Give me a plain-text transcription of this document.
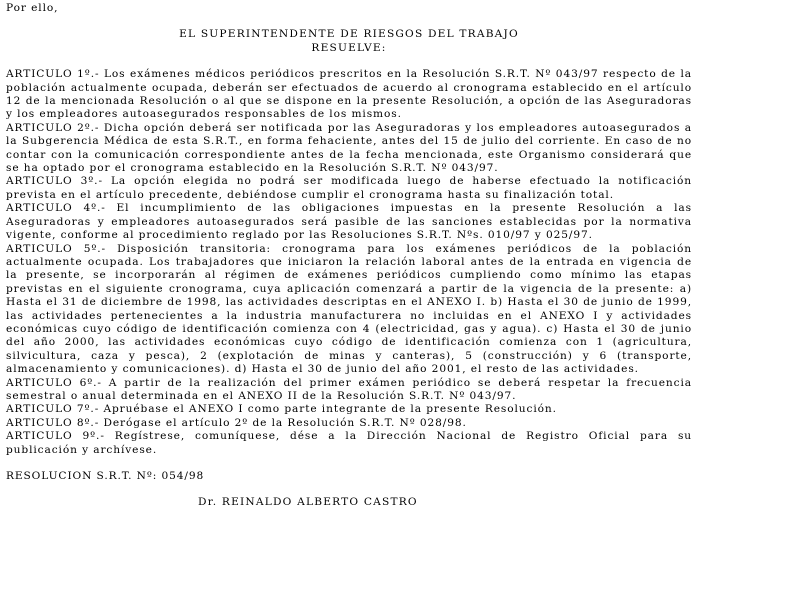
Por ello,

EL SUPERINTENDENTE DE RIESGOS DEL TRABAJO
RESUELVE:

ARTICULO 1º.- Los exámenes médicos periódicos prescritos en la Resolución S.R.T. Nº 043/97 respecto de la población actualmente ocupada, deberán ser efectuados de acuerdo al cronograma establecido en el artículo 12 de la mencionada Resolución o al que se dispone en la presente Resolución, a opción de las Aseguradoras y los empleadores autoasegurados responsables de los mismos.

ARTICULO 2º.- Dicha opción deberá ser notificada por las Aseguradoras y los empleadores autoasegurados a la Subgerencia Médica de esta S.R.T., en forma fehaciente, antes del 15 de julio del corriente. En caso de no contar con la comunicación correspondiente antes de la fecha mencionada, este Organismo considerará que se ha optado por el cronograma establecido en la Resolución S.R.T. Nº 043/97.

ARTICULO 3º.- La opción elegida no podrá ser modificada luego de haberse efectuado la notificación prevista en el artículo precedente, debiéndose cumplir el cronograma hasta su finalización total.

ARTICULO 4º.- El incumplimiento de las obligaciones impuestas en la presente Resolución a las Aseguradoras y empleadores autoasegurados será pasible de las sanciones establecidas por la normativa vigente, conforme al procedimiento reglado por las Resoluciones S.R.T. Nºs. 010/97 y 025/97.

ARTICULO 5º.- Disposición transitoria: cronograma para los exámenes periódicos de la población actualmente ocupada. Los trabajadores que iniciaron la relación laboral antes de la entrada en vigencia de la presente, se incorporarán al régimen de exámenes periódicos cumpliendo como mínimo las etapas previstas en el siguiente cronograma, cuya aplicación comenzará a partir de la vigencia de la presente: a) Hasta el 31 de diciembre de 1998, las actividades descriptas en el ANEXO I. b) Hasta el 30 de junio de 1999, las actividades pertenecientes a la industria manufacturera no incluidas en el ANEXO I y actividades económicas cuyo código de identificación comienza con 4 (electricidad, gas y agua). c) Hasta el 30 de junio del año 2000, las actividades económicas cuyo código de identificación comienza con 1 (agricultura, silvicultura, caza y pesca), 2 (explotación de minas y canteras), 5 (construcción) y 6 (transporte, almacenamiento y comunicaciones). d) Hasta el 30 de junio del año 2001, el resto de las actividades.

ARTICULO 6º.- A partir de la realización del primer exámen periódico se deberá respetar la frecuencia semestral o anual determinada en el ANEXO II de la Resolución S.R.T. Nº 043/97.

ARTICULO 7º.- Apruébase el ANEXO I como parte integrante de la presente Resolución.

ARTICULO 8º.- Derógase el artículo 2º de la Resolución S.R.T. Nº 028/98.

ARTICULO 9º.- Regístrese, comuníquese, dése a la Dirección Nacional de Registro Oficial para su publicación y archívese.

RESOLUCION S.R.T. Nº: 054/98

Dr. REINALDO ALBERTO CASTRO
